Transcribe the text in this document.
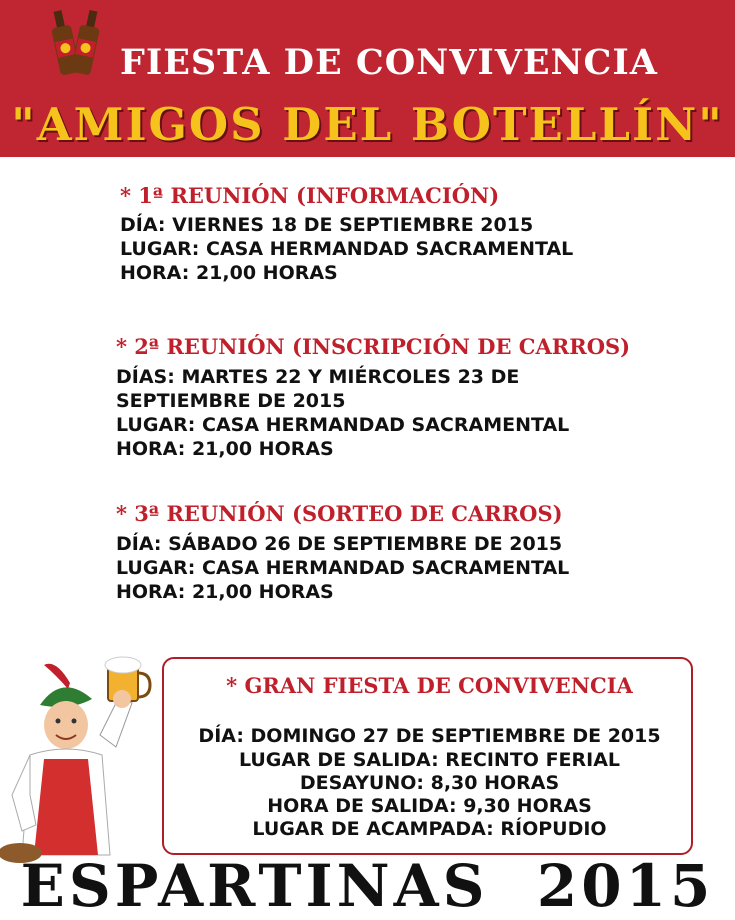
FIESTA DE CONVIVENCIA
"AMIGOS DEL BOTELLÍN"
* 1ª REUNIÓN (INFORMACIÓN)
DÍA: VIERNES 18 DE SEPTIEMBRE 2015
LUGAR: CASA HERMANDAD SACRAMENTAL
HORA: 21,00 HORAS
* 2ª REUNIÓN (INSCRIPCIÓN DE CARROS)
DÍAS: MARTES 22 Y MIÉRCOLES 23 DE
SEPTIEMBRE DE 2015
LUGAR: CASA HERMANDAD SACRAMENTAL
HORA: 21,00 HORAS
* 3ª REUNIÓN (SORTEO DE CARROS)
DÍA: SÁBADO 26 DE SEPTIEMBRE DE 2015
LUGAR: CASA HERMANDAD SACRAMENTAL
HORA: 21,00 HORAS
* GRAN FIESTA DE CONVIVENCIA
DÍA: DOMINGO 27 DE SEPTIEMBRE DE 2015
LUGAR DE SALIDA: RECINTO FERIAL
DESAYUNO: 8,30 HORAS
HORA DE SALIDA: 9,30 HORAS
LUGAR DE ACAMPADA: RÍOPUDIO
ESPARTINAS  2015
